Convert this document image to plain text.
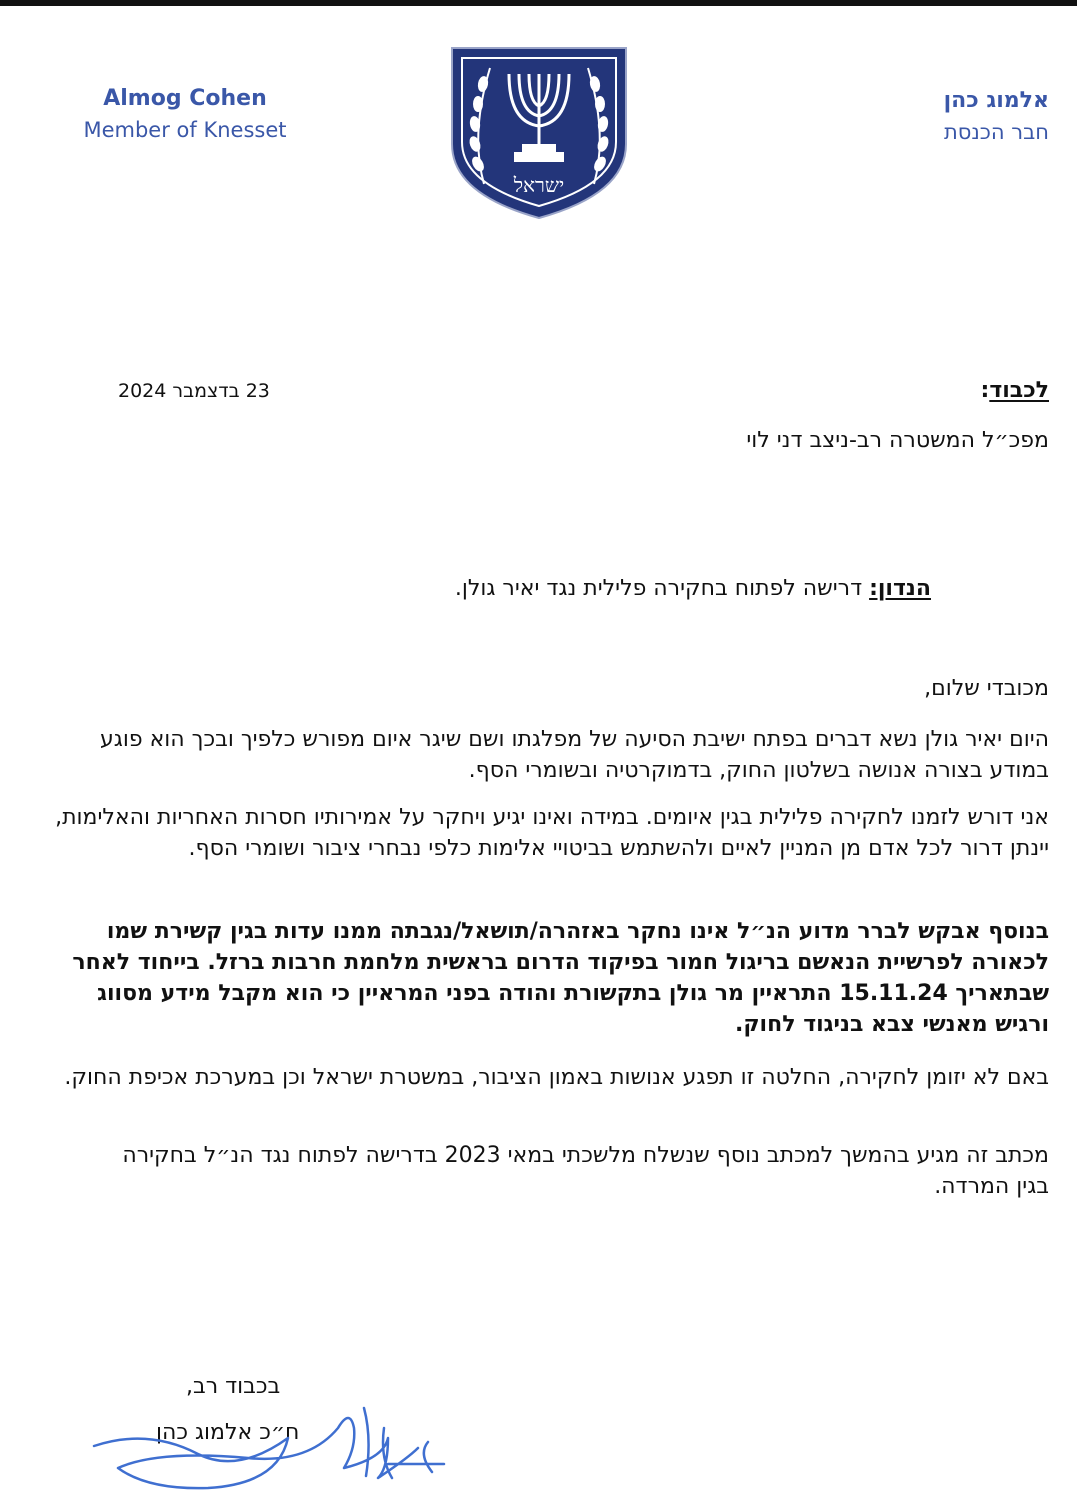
Almog Cohen
Member of Knesset
ישראל
אלמוג כהן
חבר הכנסת
23 בדצמבר 2024	לכבוד:
מפכ״ל המשטרה רב-ניצב דני לוי
הנדון: דרישה לפתוח בחקירה פלילית נגד יאיר גולן.
מכובדי שלום,
היום יאיר גולן נשא דברים בפתח ישיבת הסיעה של מפלגתו ושם שיגר איום מפורש כלפיך ובכך הוא פוגע במודע בצורה אנושה בשלטון החוק, בדמוקרטיה ובשומרי הסף.
אני דורש לזמנו לחקירה פלילית בגין איומים. במידה ואינו יגיע ויחקר על אמירותיו חסרות האחריות והאלימות, יינתן דרור לכל אדם מן המניין לאיים ולהשתמש בביטויי אלימות כלפי נבחרי ציבור ושומרי הסף.
בנוסף אבקש לברר מדוע הנ״ל אינו נחקר באזהרה/תושאל/נגבתה ממנו עדות בגין קשירת שמו לכאורה לפרשיית הנאשם בריגול חמור בפיקוד הדרום בראשית מלחמת חרבות ברזל. בייחוד לאחר שבתאריך 15.11.24 התראיין מר גולן בתקשורת והודה בפני המראיין כי הוא מקבל מידע מסווג ורגיש מאנשי צבא בניגוד לחוק.
באם לא יזומן לחקירה, החלטה זו תפגע אנושות באמון הציבור, במשטרת ישראל וכן במערכת אכיפת החוק.
מכתב זה מגיע בהמשך למכתב נוסף שנשלח מלשכתי במאי 2023 בדרישה לפתוח נגד הנ״ל בחקירה בגין המרדה.
בכבוד רב,
ח״כ אלמוג כהן
